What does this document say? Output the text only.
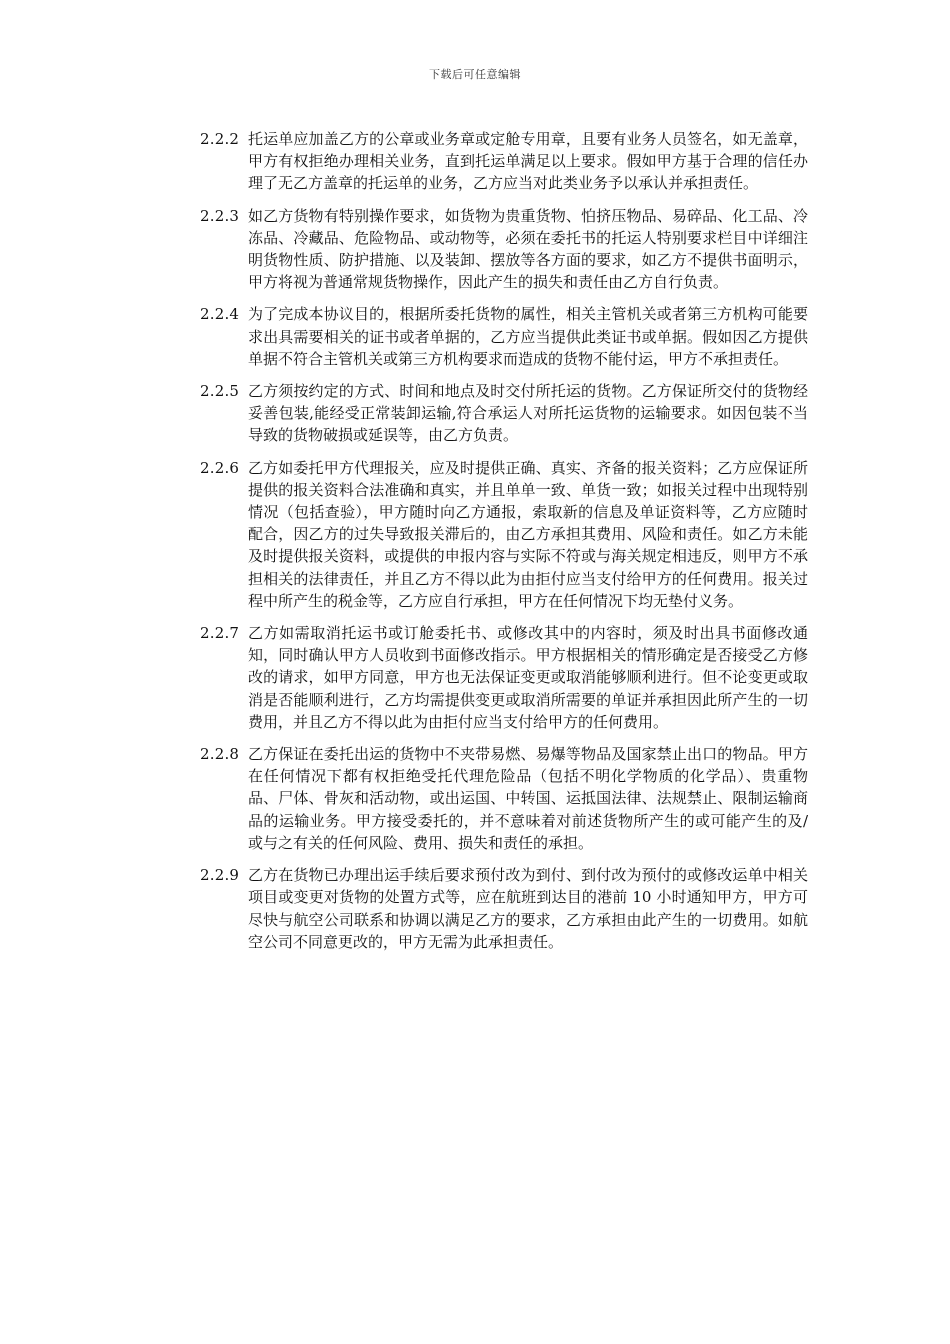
下载后可任意编辑
2.2.2 托运单应加盖乙方的公章或业务章或定舱专用章，且要有业务人员签名，如无盖章，甲方有权拒绝办理相关业务，直到托运单满足以上要求。假如甲方基于合理的信任办理了无乙方盖章的托运单的业务，乙方应当对此类业务予以承认并承担责任。
2.2.3 如乙方货物有特别操作要求，如货物为贵重货物、怕挤压物品、易碎品、化工品、冷冻品、冷藏品、危险物品、或动物等，必须在委托书的托运人特别要求栏目中详细注明货物性质、防护措施、以及装卸、摆放等各方面的要求，如乙方不提供书面明示，甲方将视为普通常规货物操作，因此产生的损失和责任由乙方自行负责。
2.2.4 为了完成本协议目的，根据所委托货物的属性，相关主管机关或者第三方机构可能要求出具需要相关的证书或者单据的，乙方应当提供此类证书或单据。假如因乙方提供单据不符合主管机关或第三方机构要求而造成的货物不能付运，甲方不承担责任。
2.2.5 乙方须按约定的方式、时间和地点及时交付所托运的货物。乙方保证所交付的货物经妥善包装,能经受正常装卸运输,符合承运人对所托运货物的运输要求。如因包装不当导致的货物破损或延误等，由乙方负责。
2.2.6 乙方如委托甲方代理报关，应及时提供正确、真实、齐备的报关资料；乙方应保证所提供的报关资料合法准确和真实，并且单单一致、单货一致；如报关过程中出现特别情况（包括查验），甲方随时向乙方通报，索取新的信息及单证资料等，乙方应随时配合，因乙方的过失导致报关滞后的，由乙方承担其费用、风险和责任。如乙方未能及时提供报关资料，或提供的申报内容与实际不符或与海关规定相违反，则甲方不承担相关的法律责任，并且乙方不得以此为由拒付应当支付给甲方的任何费用。报关过程中所产生的税金等，乙方应自行承担，甲方在任何情况下均无垫付义务。
2.2.7 乙方如需取消托运书或订舱委托书、或修改其中的内容时，须及时出具书面修改通知，同时确认甲方人员收到书面修改指示。甲方根据相关的情形确定是否接受乙方修改的请求，如甲方同意，甲方也无法保证变更或取消能够顺利进行。但不论变更或取消是否能顺利进行，乙方均需提供变更或取消所需要的单证并承担因此所产生的一切费用，并且乙方不得以此为由拒付应当支付给甲方的任何费用。
2.2.8 乙方保证在委托出运的货物中不夹带易燃、易爆等物品及国家禁止出口的物品。甲方在任何情况下都有权拒绝受托代理危险品（包括不明化学物质的化学品）、贵重物品、尸体、骨灰和活动物，或出运国、中转国、运抵国法律、法规禁止、限制运输商品的运输业务。甲方接受委托的，并不意味着对前述货物所产生的或可能产生的及/或与之有关的任何风险、费用、损失和责任的承担。
2.2.9 乙方在货物已办理出运手续后要求预付改为到付、到付改为预付的或修改运单中相关项目或变更对货物的处置方式等，应在航班到达目的港前 10 小时通知甲方，甲方可尽快与航空公司联系和协调以满足乙方的要求，乙方承担由此产生的一切费用。如航空公司不同意更改的，甲方无需为此承担责任。
